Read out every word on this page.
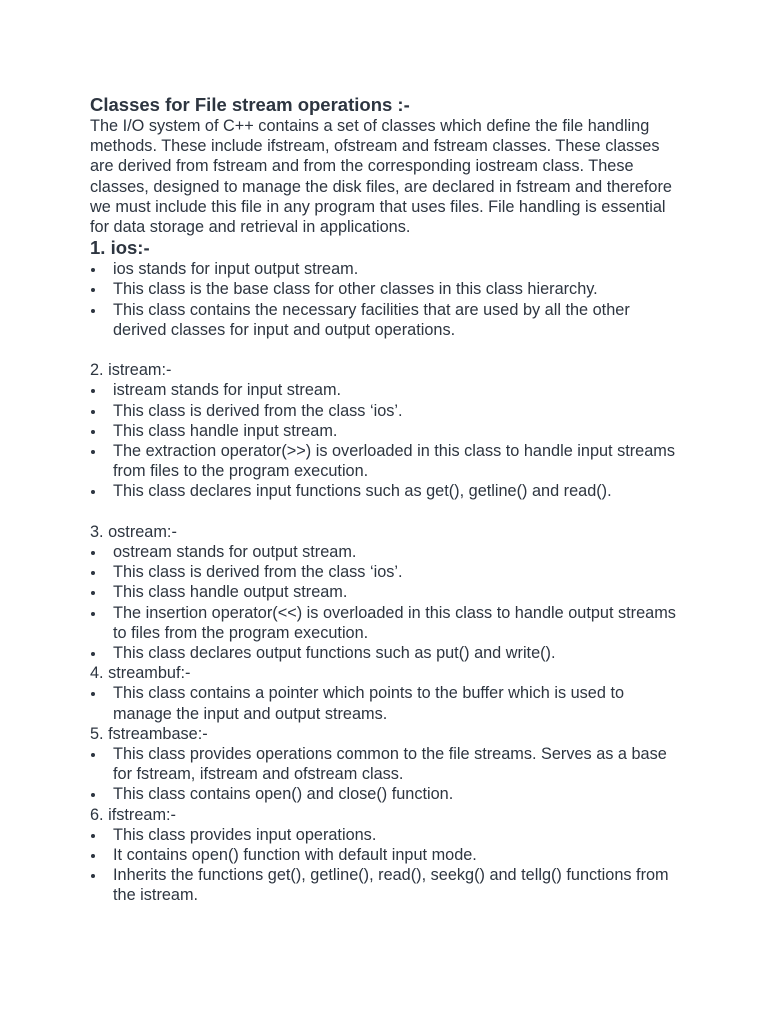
Classes for File stream operations :-

The I/O system of C++ contains a set of classes which define the file handling methods. These include ifstream, ofstream and fstream classes. These classes are derived from fstream and from the corresponding iostream class. These classes, designed to manage the disk files, are declared in fstream and therefore we must include this file in any program that uses files. File handling is essential for data storage and retrieval in applications.

1. ios:-
ios stands for input output stream.
This class is the base class for other classes in this class hierarchy.
This class contains the necessary facilities that are used by all the other derived classes for input and output operations.
2. istream:-
istream stands for input stream.
This class is derived from the class ‘ios’.
This class handle input stream.
The extraction operator(>>) is overloaded in this class to handle input streams from files to the program execution.
This class declares input functions such as get(), getline() and read().
3. ostream:-
ostream stands for output stream.
This class is derived from the class ‘ios’.
This class handle output stream.
The insertion operator(<<) is overloaded in this class to handle output streams to files from the program execution.
This class declares output functions such as put() and write().
4. streambuf:-
This class contains a pointer which points to the buffer which is used to manage the input and output streams.
5. fstreambase:-
This class provides operations common to the file streams. Serves as a base for fstream, ifstream and ofstream class.
This class contains open() and close() function.
6. ifstream:-
This class provides input operations.
It contains open() function with default input mode.
Inherits the functions get(), getline(), read(), seekg() and tellg() functions from the istream.
